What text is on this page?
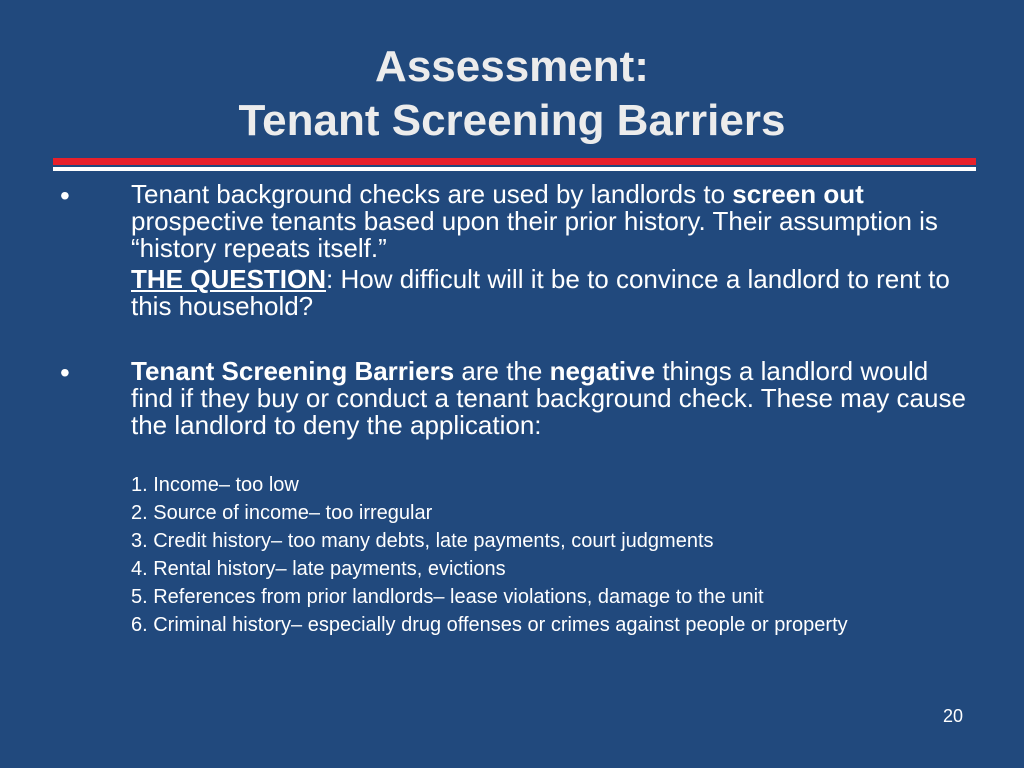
Assessment:
Tenant Screening Barriers
• Tenant background checks are used by landlords to screen out prospective tenants based upon their prior history. Their assumption is “history repeats itself.”
THE QUESTION: How difficult will it be to convince a landlord to rent to this household?
• Tenant Screening Barriers are the negative things a landlord would find if they buy or conduct a tenant background check. These may cause the landlord to deny the application:
1. Income– too low
2. Source of income– too irregular
3. Credit history– too many debts, late payments, court judgments
4. Rental history– late payments, evictions
5. References from prior landlords– lease violations, damage to the unit
6. Criminal history– especially drug offenses or crimes against people or property
20
